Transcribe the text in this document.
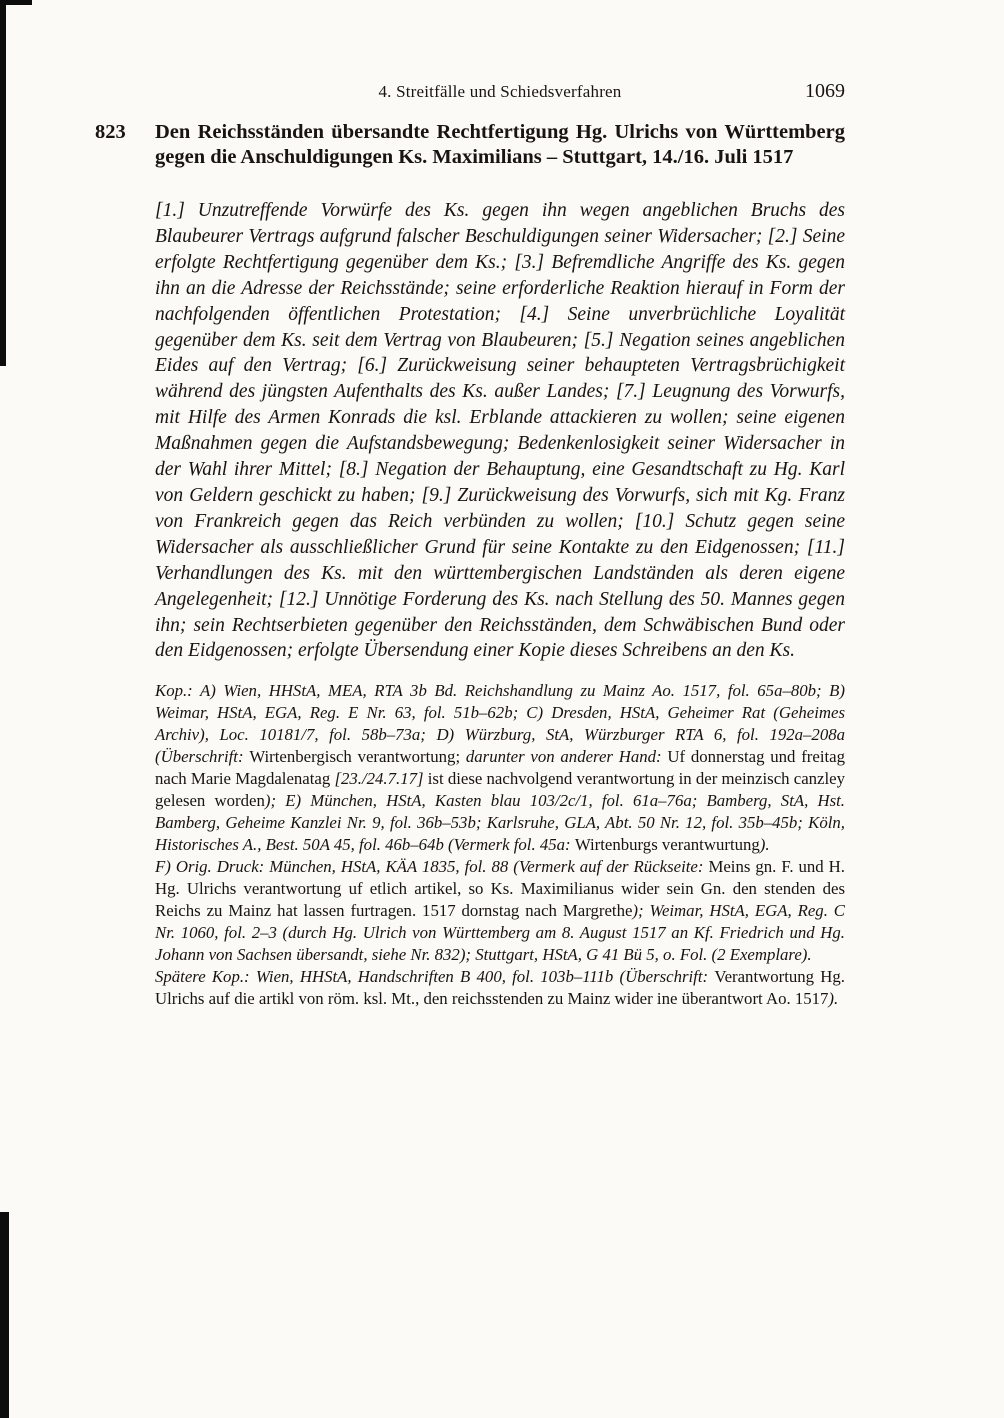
4. Streitfälle und Schiedsverfahren	1069
823 Den Reichsständen übersandte Rechtfertigung Hg. Ulrichs von Württemberg gegen die Anschuldigungen Ks. Maximilians – Stuttgart, 14./16. Juli 1517
[1.] Unzutreffende Vorwürfe des Ks. gegen ihn wegen angeblichen Bruchs des Blaubeurer Vertrags aufgrund falscher Beschuldigungen seiner Widersacher; [2.] Seine erfolgte Rechtfertigung gegenüber dem Ks.; [3.] Befremdliche Angriffe des Ks. gegen ihn an die Adresse der Reichsstände; seine erforderliche Reaktion hierauf in Form der nachfolgenden öffentlichen Protestation; [4.] Seine unverbrüchliche Loyalität gegenüber dem Ks. seit dem Vertrag von Blaubeuren; [5.] Negation seines angeblichen Eides auf den Vertrag; [6.] Zurückweisung seiner behaupteten Vertragsbrüchigkeit während des jüngsten Aufenthalts des Ks. außer Landes; [7.] Leugnung des Vorwurfs, mit Hilfe des Armen Konrads die ksl. Erblande attackieren zu wollen; seine eigenen Maßnahmen gegen die Aufstandsbewegung; Bedenkenlosigkeit seiner Widersacher in der Wahl ihrer Mittel; [8.] Negation der Behauptung, eine Gesandtschaft zu Hg. Karl von Geldern geschickt zu haben; [9.] Zurückweisung des Vorwurfs, sich mit Kg. Franz von Frankreich gegen das Reich verbünden zu wollen; [10.] Schutz gegen seine Widersacher als ausschließlicher Grund für seine Kontakte zu den Eidgenossen; [11.] Verhandlungen des Ks. mit den württembergischen Landständen als deren eigene Angelegenheit; [12.] Unnötige Forderung des Ks. nach Stellung des 50. Mannes gegen ihn; sein Rechtserbieten gegenüber den Reichsständen, dem Schwäbischen Bund oder den Eidgenossen; erfolgte Übersendung einer Kopie dieses Schreibens an den Ks.

Kop.: A) Wien, HHStA, MEA, RTA 3b Bd. Reichshandlung zu Mainz Ao. 1517, fol. 65a–80b; B) Weimar, HStA, EGA, Reg. E Nr. 63, fol. 51b–62b; C) Dresden, HStA, Geheimer Rat (Geheimes Archiv), Loc. 10181/7, fol. 58b–73a; D) Würzburg, StA, Würzburger RTA 6, fol. 192a–208a (Überschrift: Wirtenbergisch verantwortung; darunter von anderer Hand: Uf donnerstag und freitag nach Marie Magdalenatag [23./24.7.17] ist diese nachvolgend verantwortung in der meinzisch canzley gelesen worden); E) München, HStA, Kasten blau 103/2c/1, fol. 61a–76a; Bamberg, StA, Hst. Bamberg, Geheime Kanzlei Nr. 9, fol. 36b–53b; Karlsruhe, GLA, Abt. 50 Nr. 12, fol. 35b–45b; Köln, Historisches A., Best. 50A 45, fol. 46b–64b (Vermerk fol. 45a: Wirtenburgs verantwurtung).

F) Orig. Druck: München, HStA, KÄA 1835, fol. 88 (Vermerk auf der Rückseite: Meins gn. F. und H. Hg. Ulrichs verantwortung uf etlich artikel, so Ks. Maximilianus wider sein Gn. den stenden des Reichs zu Mainz hat lassen furtragen. 1517 dornstag nach Margrethe); Weimar, HStA, EGA, Reg. C Nr. 1060, fol. 2–3 (durch Hg. Ulrich von Württemberg am 8. August 1517 an Kf. Friedrich und Hg. Johann von Sachsen übersandt, siehe Nr. 832); Stuttgart, HStA, G 41 Bü 5, o. Fol. (2 Exemplare).

Spätere Kop.: Wien, HHStA, Handschriften B 400, fol. 103b–111b (Überschrift: Verantwortung Hg. Ulrichs auf die artikl von röm. ksl. Mt., den reichsstenden zu Mainz wider ine überantwort Ao. 1517).
